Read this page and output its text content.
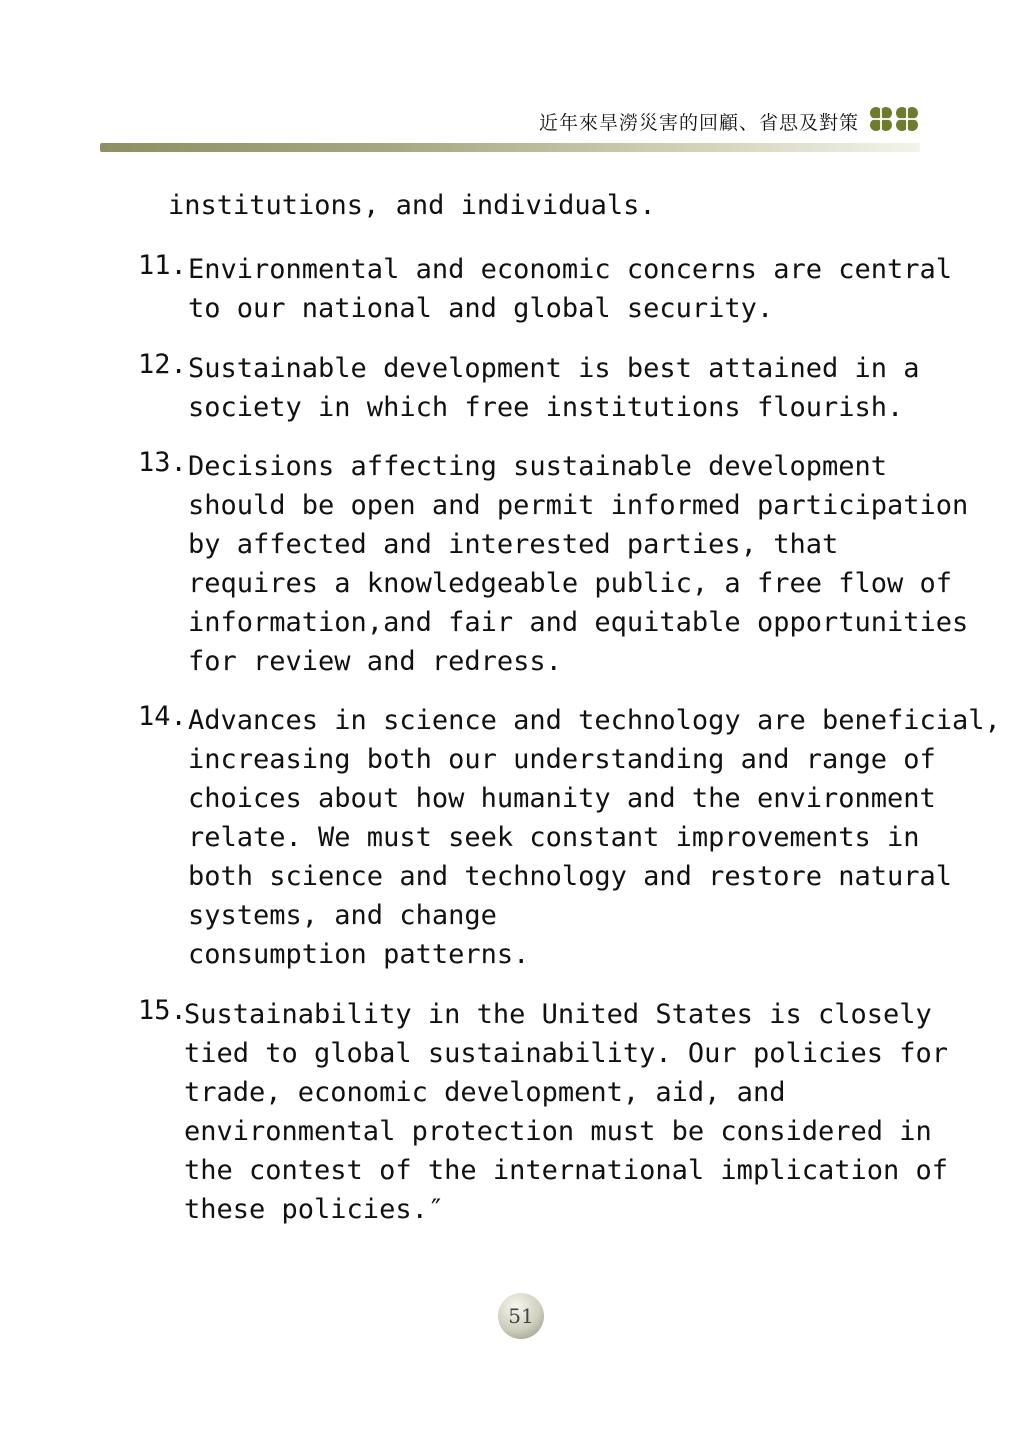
近年來旱澇災害的回顧、省思及對策

institutions, and individuals.

11. Environmental and economic concerns are central
to our national and global security.
12. Sustainable development is best attained in a
society in which free institutions flourish.
13. Decisions affecting sustainable development
should be open and permit informed participation
by affected and interested parties, that
requires a knowledgeable public, a free flow of
information,and fair and equitable opportunities
for review and redress.
14. Advances in science and technology are beneficial,
increasing both our understanding and range of
choices about how humanity and the environment
relate. We must seek constant improvements in
both science and technology and restore natural
systems, and change
consumption patterns.
15.
Sustainability in the United States is closely
tied to global sustainability. Our policies for
trade, economic development, aid, and
environmental protection must be considered in
the contest of the international implication of
these policies.″
51
